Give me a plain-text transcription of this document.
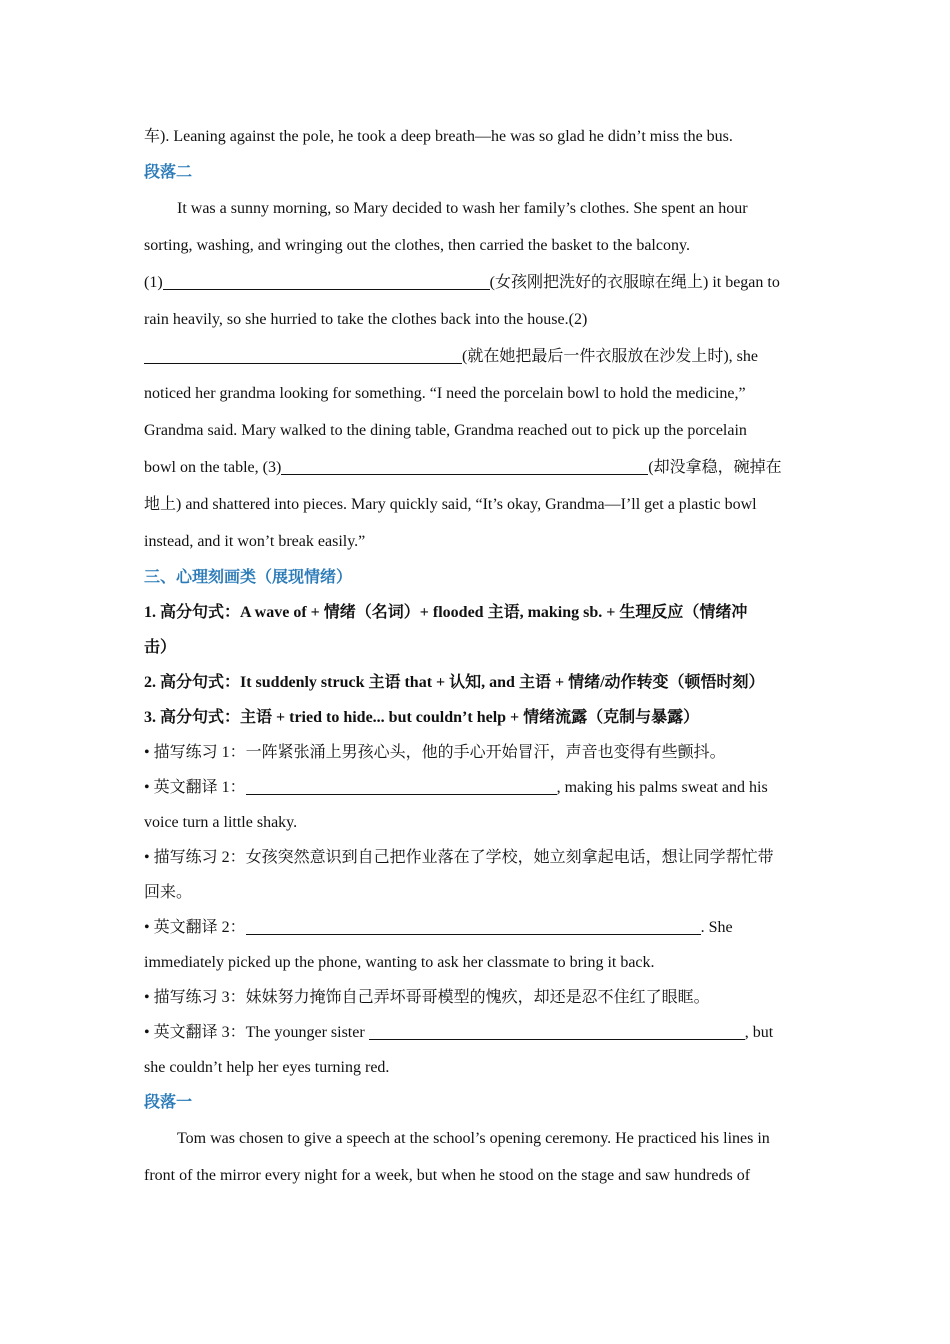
车). Leaning against the pole, he took a deep breath—he was so glad he didn’t miss the bus.
段落二
It was a sunny morning, so Mary decided to wash her family’s clothes. She spent an hour
sorting, washing, and wringing out the clothes, then carried the basket to the balcony.
(1)	(女孩刚把洗好的衣服晾在绳上) it began to
rain heavily, so she hurried to take the clothes back into the house.(2)
(就在她把最后一件衣服放在沙发上时), she
noticed her grandma looking for something. “I need the porcelain bowl to hold the medicine,”
Grandma said. Mary walked to the dining table, Grandma reached out to pick up the porcelain
bowl on the table, (3)	(却没拿稳，碗掉在
地上) and shattered into pieces. Mary quickly said, “It’s okay, Grandma—I’ll get a plastic bowl
instead, and it won’t break easily.”
三、心理刻画类（展现情绪）
1. 高分句式：A wave of + 情绪（名词）+ flooded 主语, making sb. + 生理反应（情绪冲
击）
2. 高分句式：It suddenly struck 主语 that + 认知, and 主语 + 情绪/动作转变（顿悟时刻）
3. 高分句式：主语 + tried to hide... but couldn’t help + 情绪流露（克制与暴露）
• 描写练习 1：一阵紧张涌上男孩心头，他的手心开始冒汗，声音也变得有些颤抖。
• 英文翻译 1：	, making his palms sweat and his
voice turn a little shaky.
• 描写练习 2：女孩突然意识到自己把作业落在了学校，她立刻拿起电话，想让同学帮忙带
回来。
• 英文翻译 2：	. She
immediately picked up the phone, wanting to ask her classmate to bring it back.
• 描写练习 3：妹妹努力掩饰自己弄坏哥哥模型的愧疚，却还是忍不住红了眼眶。
• 英文翻译 3：The younger sister	, but
she couldn’t help her eyes turning red.
段落一
Tom was chosen to give a speech at the school’s opening ceremony. He practiced his lines in
front of the mirror every night for a week, but when he stood on the stage and saw hundreds of
